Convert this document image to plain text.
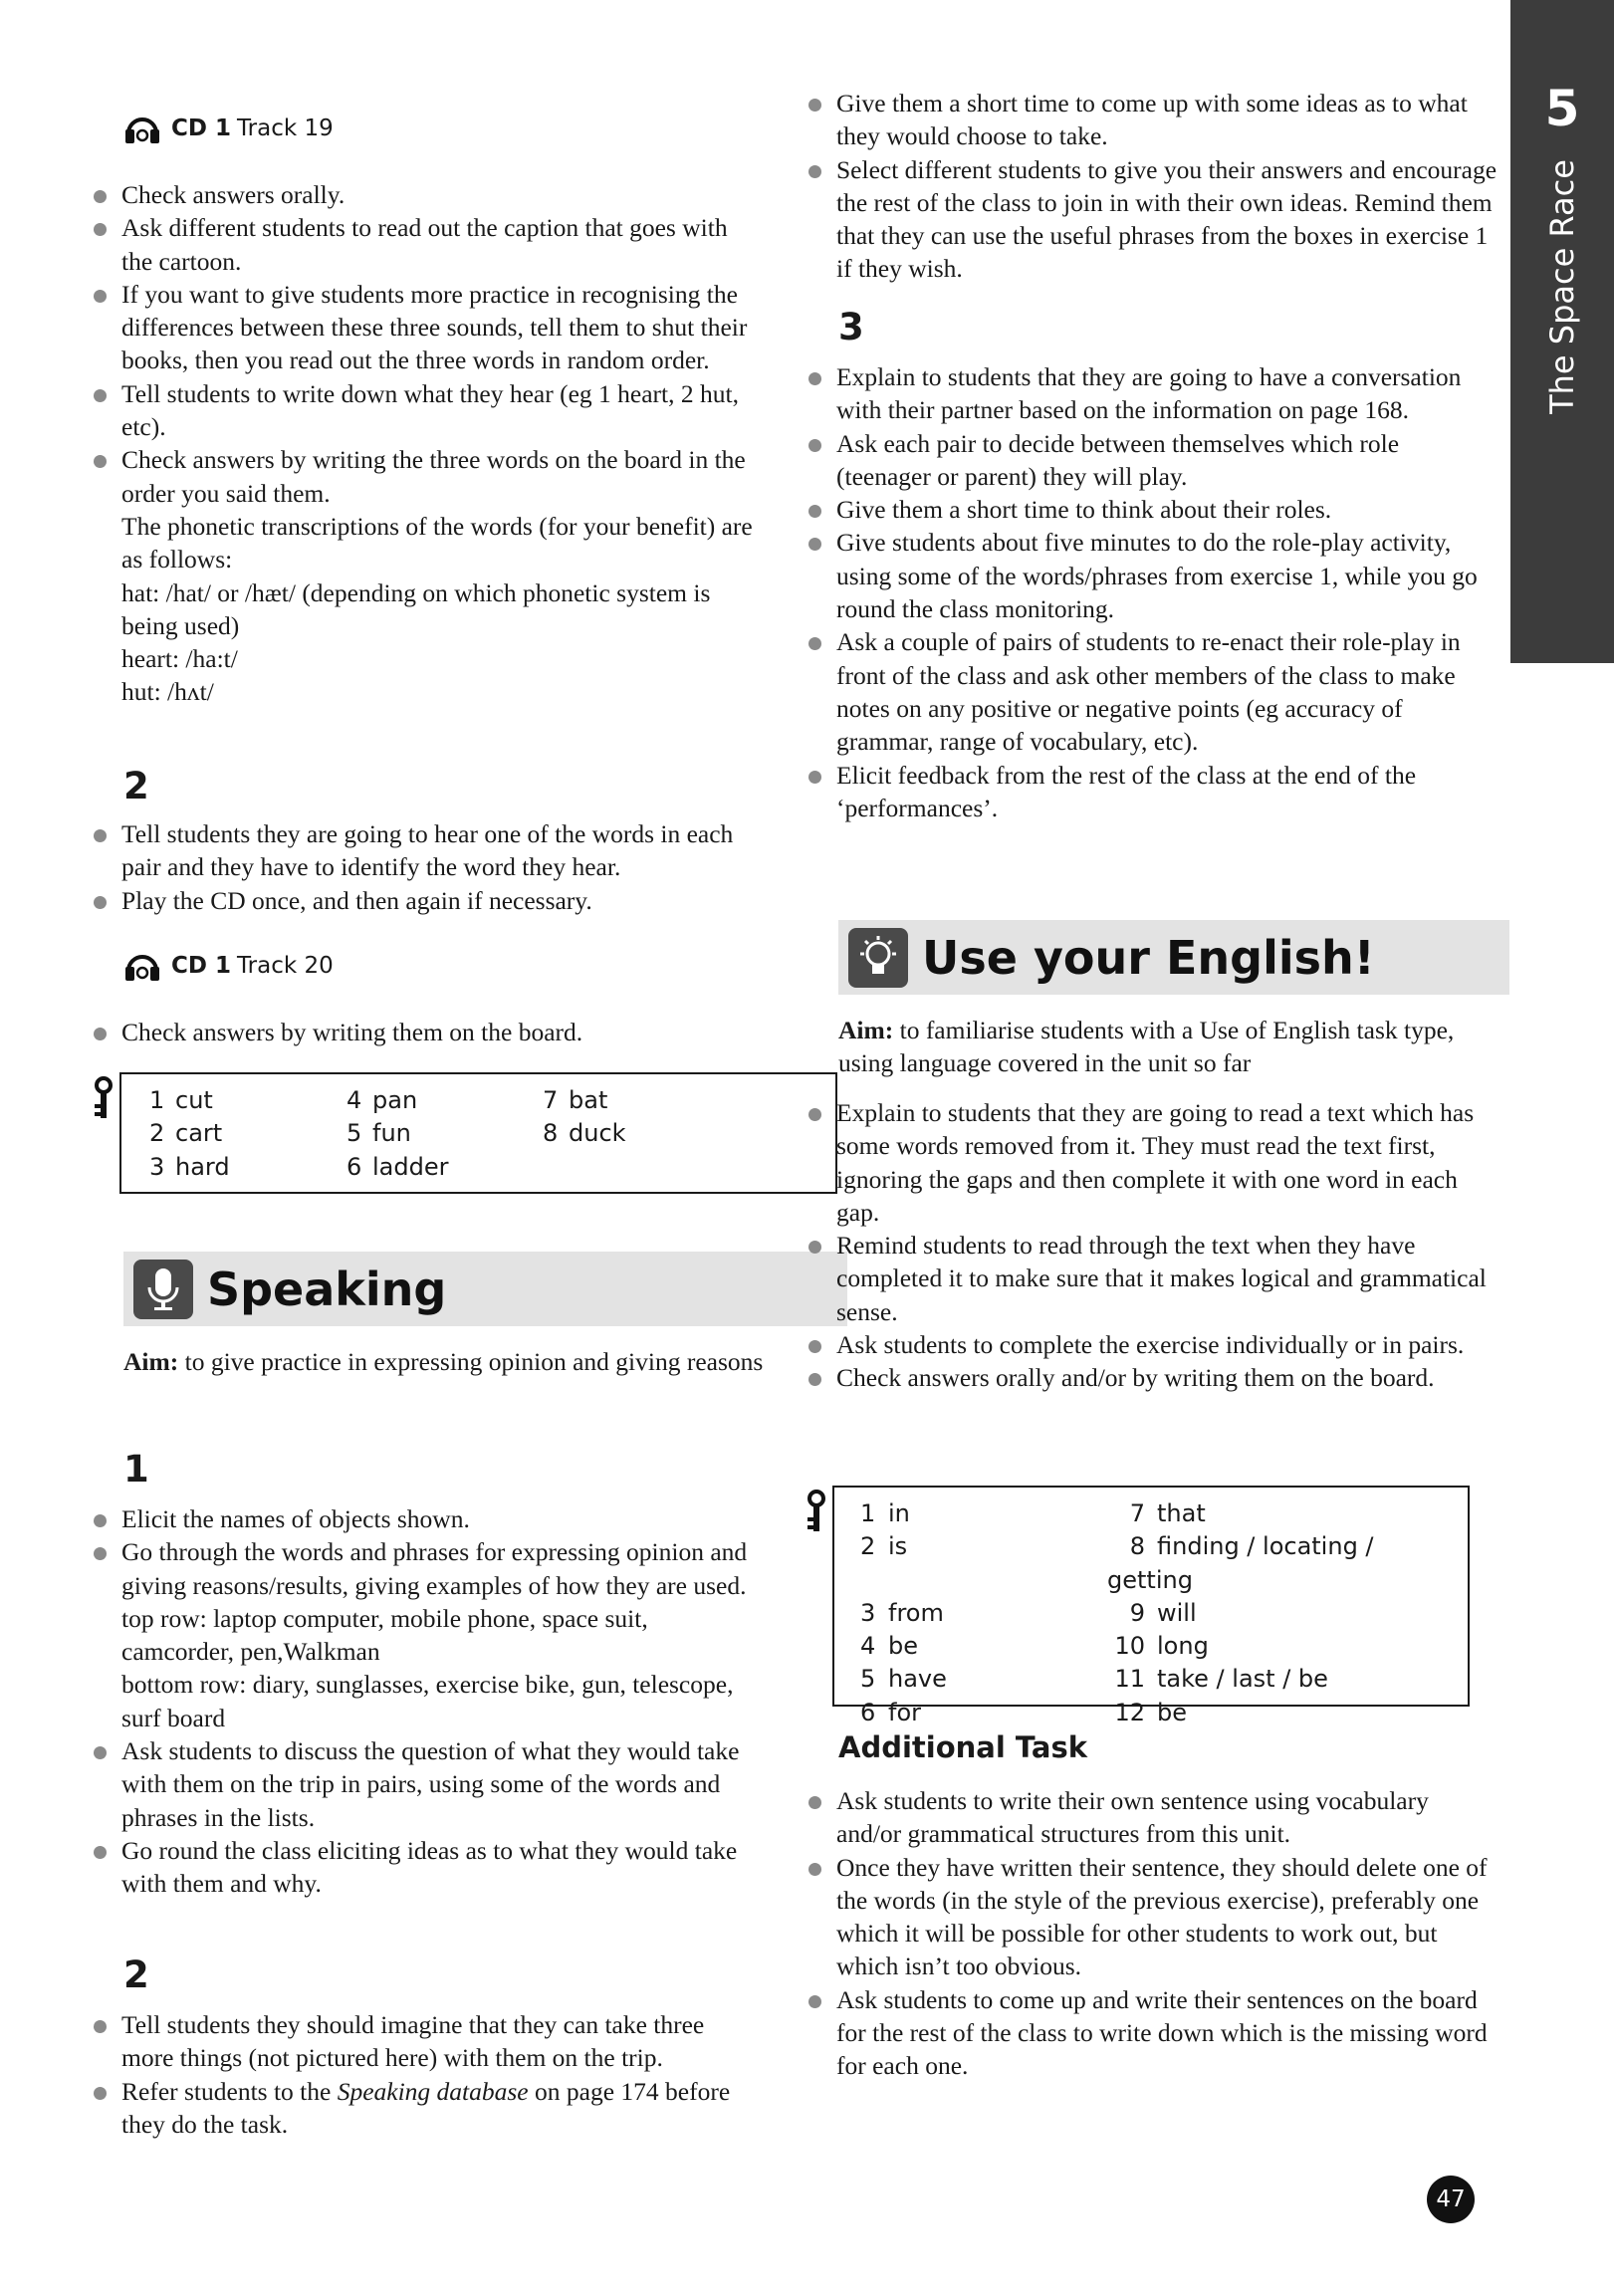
5
The Space Race
CD 1 Track 19
Check answers orally.
Ask different students to read out the caption that goes with the cartoon.
If you want to give students more practice in recognising the differences between these three sounds, tell them to shut their books, then you read out the three words in random order.
Tell students to write down what they hear (eg 1 heart, 2 hut, etc).
Check answers by writing the three words on the board in the order you said them.
The phonetic transcriptions of the words (for your benefit) are as follows:
hat: /hat/ or /hæt/ (depending on which phonetic system is being used)
heart: /ha:t/
hut: /hʌt/
2
Tell students they are going to hear one of the words in each pair and they have to identify the word they hear.
Play the CD once, and then again if necessary.
CD 1 Track 20
Check answers by writing them on the board.
1 cut	4 pan	7 bat
2 cart	5 fun	8 duck
3 hard	6 ladder
Speaking
Aim: to give practice in expressing opinion and giving reasons
1
Elicit the names of objects shown.
Go through the words and phrases for expressing opinion and giving reasons/results, giving examples of how they are used.
top row: laptop computer, mobile phone, space suit, camcorder, pen,Walkman
bottom row: diary, sunglasses, exercise bike, gun, telescope, surf board
Ask students to discuss the question of what they would take with them on the trip in pairs, using some of the words and phrases in the lists.
Go round the class eliciting ideas as to what they would take with them and why.
2
Tell students they should imagine that they can take three more things (not pictured here) with them on the trip.
Refer students to the Speaking database on page 174 before they do the task.
Give them a short time to come up with some ideas as to what they would choose to take.
Select different students to give you their answers and encourage the rest of the class to join in with their own ideas. Remind them that they can use the useful phrases from the boxes in exercise 1 if they wish.
3
Explain to students that they are going to have a conversation with their partner based on the information on page 168.
Ask each pair to decide between themselves which role (teenager or parent) they will play.
Give them a short time to think about their roles.
Give students about five minutes to do the role-play activity, using some of the words/phrases from exercise 1, while you go round the class monitoring.
Ask a couple of pairs of students to re-enact their role-play in front of the class and ask other members of the class to make notes on any positive or negative points (eg accuracy of grammar, range of vocabulary, etc).
Elicit feedback from the rest of the class at the end of the ‘performances’.
Use your English!
Aim: to familiarise students with a Use of English task type, using language covered in the unit so far
Explain to students that they are going to read a text which has some words removed from it. They must read the text first, ignoring the gaps and then complete it with one word in each gap.
Remind students to read through the text when they have completed it to make sure that it makes logical and grammatical sense.
Ask students to complete the exercise individually or in pairs.
Check answers orally and/or by writing them on the board.
1 in	7 that
2 is	8 finding / locating / getting
3 from	9 will
4 be	10 long
5 have	11 take / last / be
6 for	12 be
Additional Task
Ask students to write their own sentence using vocabulary and/or grammatical structures from this unit.
Once they have written their sentence, they should delete one of the words (in the style of the previous exercise), preferably one which it will be possible for other students to work out, but which isn’t too obvious.
Ask students to come up and write their sentences on the board for the rest of the class to write down which is the missing word for each one.
47
